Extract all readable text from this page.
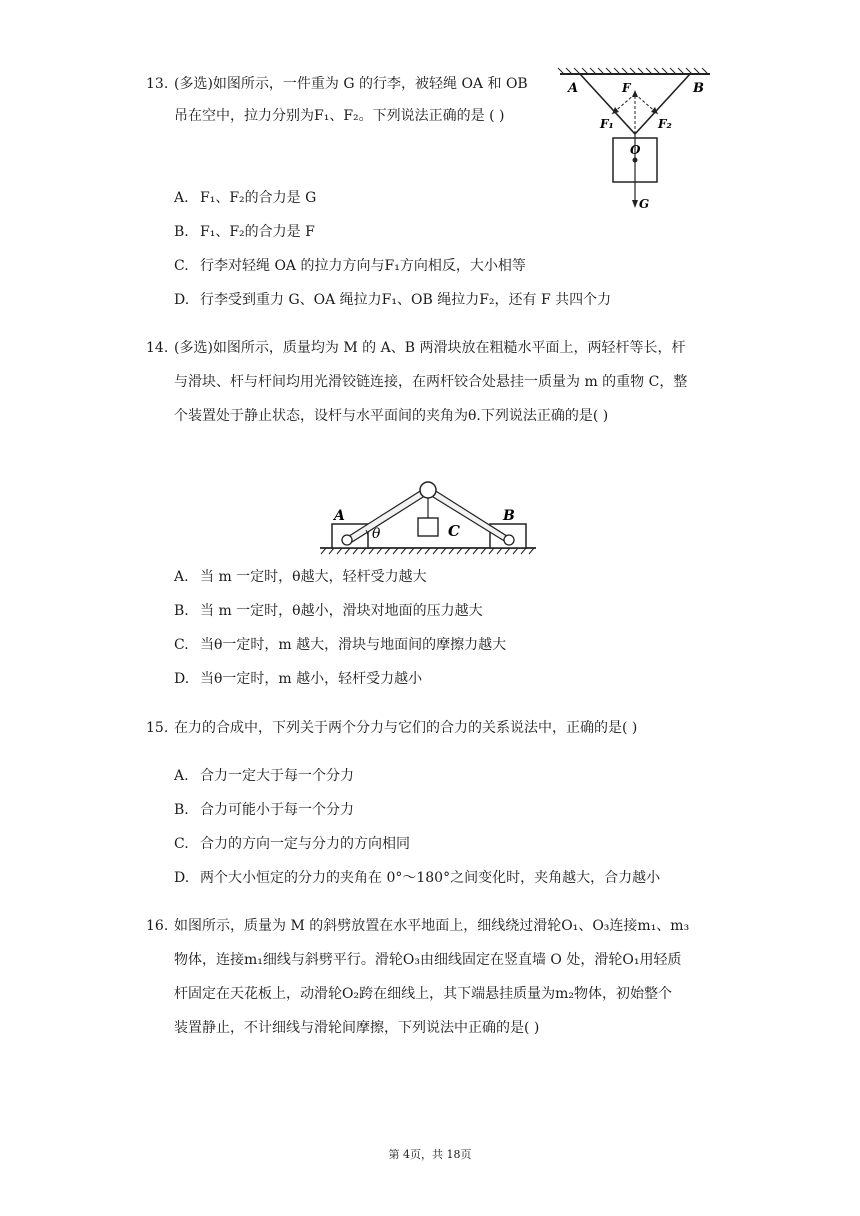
13. (多选)如图所示，一件重为 G 的行李，被轻绳 OA 和 OB
吊在空中，拉力分别为F₁、F₂。下列说法正确的是 ( )
A	B
F
F₁	F₂
O
G
A. F₁、F₂的合力是 G
B. F₁、F₂的合力是 F
C. 行李对轻绳 OA 的拉力方向与F₁方向相反，大小相等
D. 行李受到重力 G、OA 绳拉力F₁、OB 绳拉力F₂，还有 F 共四个力
14. (多选)如图所示，质量均为 M 的 A、B 两滑块放在粗糙水平面上，两轻杆等长，杆
与滑块、杆与杆间均用光滑铰链连接，在两杆铰合处悬挂一质量为 m 的重物 C，整
个装置处于静止状态，设杆与水平面间的夹角为θ.下列说法正确的是( )
A	B
C
θ
A. 当 m 一定时，θ越大，轻杆受力越大
B. 当 m 一定时，θ越小，滑块对地面的压力越大
C. 当θ一定时，m 越大，滑块与地面间的摩擦力越大
D. 当θ一定时，m 越小，轻杆受力越小
15. 在力的合成中，下列关于两个分力与它们的合力的关系说法中，正确的是( )
A. 合力一定大于每一个分力
B. 合力可能小于每一个分力
C. 合力的方向一定与分力的方向相同
D. 两个大小恒定的分力的夹角在 0°～180°之间变化时，夹角越大，合力越小
16. 如图所示，质量为 M 的斜劈放置在水平地面上，细线绕过滑轮O₁、O₃连接m₁、m₃
物体，连接m₁细线与斜劈平行。滑轮O₃由细线固定在竖直墙 O 处，滑轮O₁用轻质
杆固定在天花板上，动滑轮O₂跨在细线上，其下端悬挂质量为m₂物体，初始整个
装置静止，不计细线与滑轮间摩擦，下列说法中正确的是( )
第 4页，共 18页
